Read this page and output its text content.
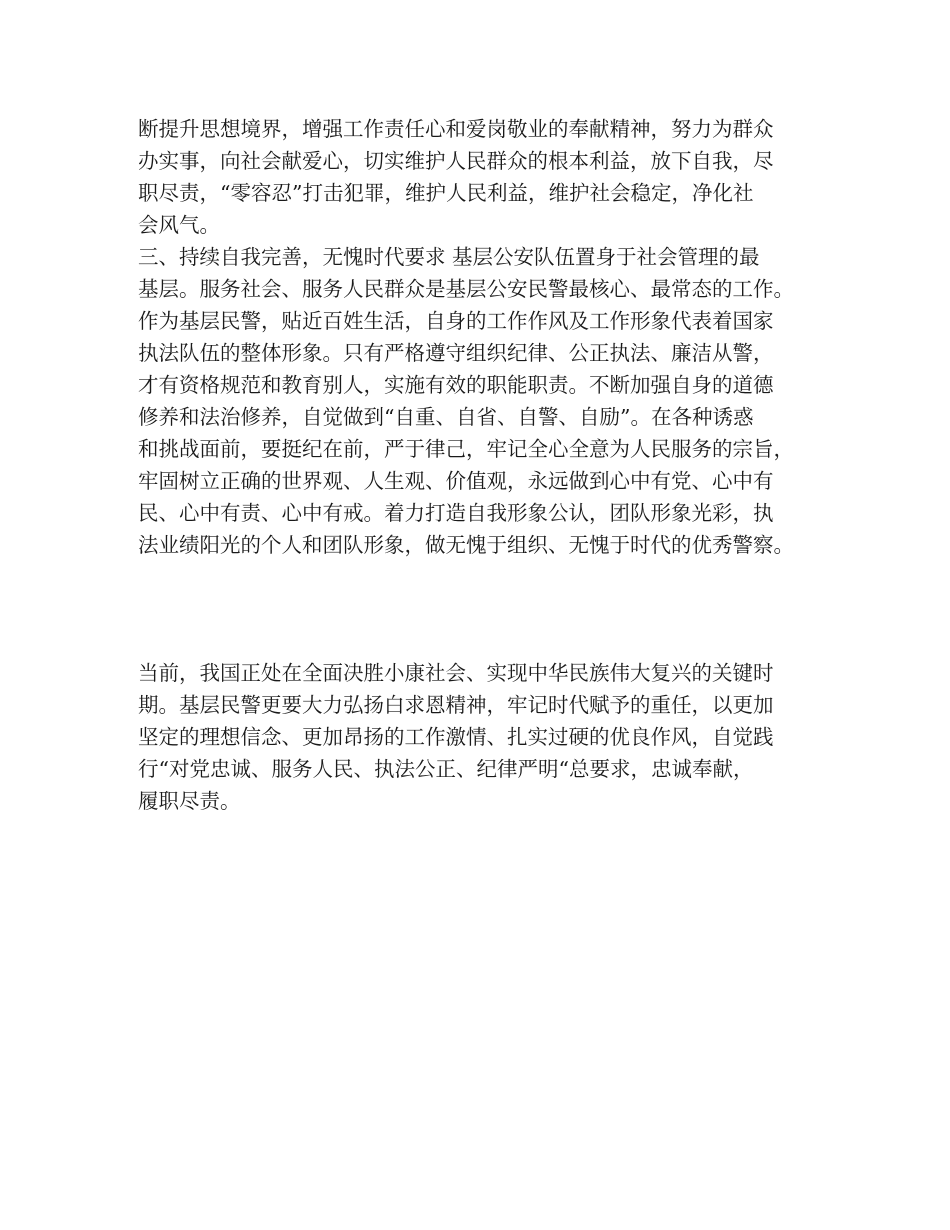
断提升思想境界，增强工作责任心和爱岗敬业的奉献精神，努力为群众
办实事，向社会献爱心，切实维护人民群众的根本利益，放下自我，尽
职尽责，“零容忍”打击犯罪，维护人民利益，维护社会稳定，净化社
会风气。
三、持续自我完善，无愧时代要求 基层公安队伍置身于社会管理的最
基层。服务社会、服务人民群众是基层公安民警最核心、最常态的工作。
作为基层民警，贴近百姓生活，自身的工作作风及工作形象代表着国家
执法队伍的整体形象。只有严格遵守组织纪律、公正执法、廉洁从警，
才有资格规范和教育别人，实施有效的职能职责。不断加强自身的道德
修养和法治修养，自觉做到“自重、自省、自警、自励”。在各种诱惑
和挑战面前，要挺纪在前，严于律己，牢记全心全意为人民服务的宗旨，
牢固树立正确的世界观、人生观、价值观，永远做到心中有党、心中有
民、心中有责、心中有戒。着力打造自我形象公认，团队形象光彩，执
法业绩阳光的个人和团队形象，做无愧于组织、无愧于时代的优秀警察。
当前，我国正处在全面决胜小康社会、实现中华民族伟大复兴的关键时
期。基层民警更要大力弘扬白求恩精神，牢记时代赋予的重任，以更加
坚定的理想信念、更加昂扬的工作激情、扎实过硬的优良作风，自觉践
行“对党忠诚、服务人民、执法公正、纪律严明“总要求，忠诚奉献，
履职尽责。
